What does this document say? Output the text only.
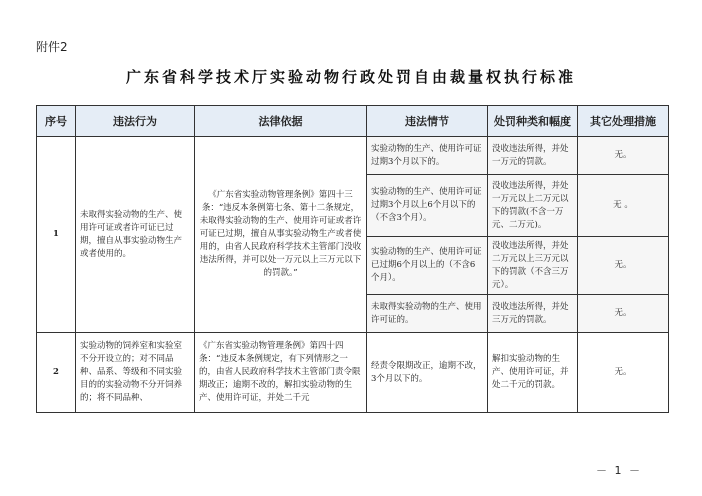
附件2
广东省科学技术厅实验动物行政处罚自由裁量权执行标准
序号	违法行为	法律依据	违法情节	处罚种类和幅度	其它处理措施
1	未取得实验动物的生产、使用许可证或者许可证已过期，擅自从事实验动物生产或者使用的。	《广东省实验动物管理条例》第四十三条：“违反本条例第七条、第十二条规定，未取得实验动物的生产、使用许可证或者许可证已过期，擅自从事实验动物生产或者使用的，由省人民政府科学技术主管部门没收违法所得，并可以处一万元以上三万元以下的罚款。”	实验动物的生产、使用许可证过期3个月以下的。	没收违法所得，并处一万元的罚款。	无。
			实验动物的生产、使用许可证过期3个月以上6个月以下的（不含3个月）。	没收违法所得，并处一万元以上二万元以下的罚款(不含一万元、二万元)。	无 。
			实验动物的生产、使用许可证已过期6个月以上的（不含6个月）。	没收违法所得，并处二万元以上三万元以下的罚款（不含三万元）。	无。
			未取得实验动物的生产、使用许可证的。	没收违法所得，并处三万元的罚款。	无。
2	实验动物的饲养室和实验室不分开设立的；对不同品种、品系、等级和不同实验目的的实验动物不分开饲养的；将不同品种、	《广东省实验动物管理条例》第四十四条：“违反本条例规定，有下列情形之一的，由省人民政府科学技术主管部门责令限期改正；逾期不改的，解扣实验动物的生产、使用许可证，并处二千元	经责令限期改正，逾期不改，3个月以下的。	解扣实验动物的生产、使用许可证，并处二千元的罚款。	无。
－ 1 －
